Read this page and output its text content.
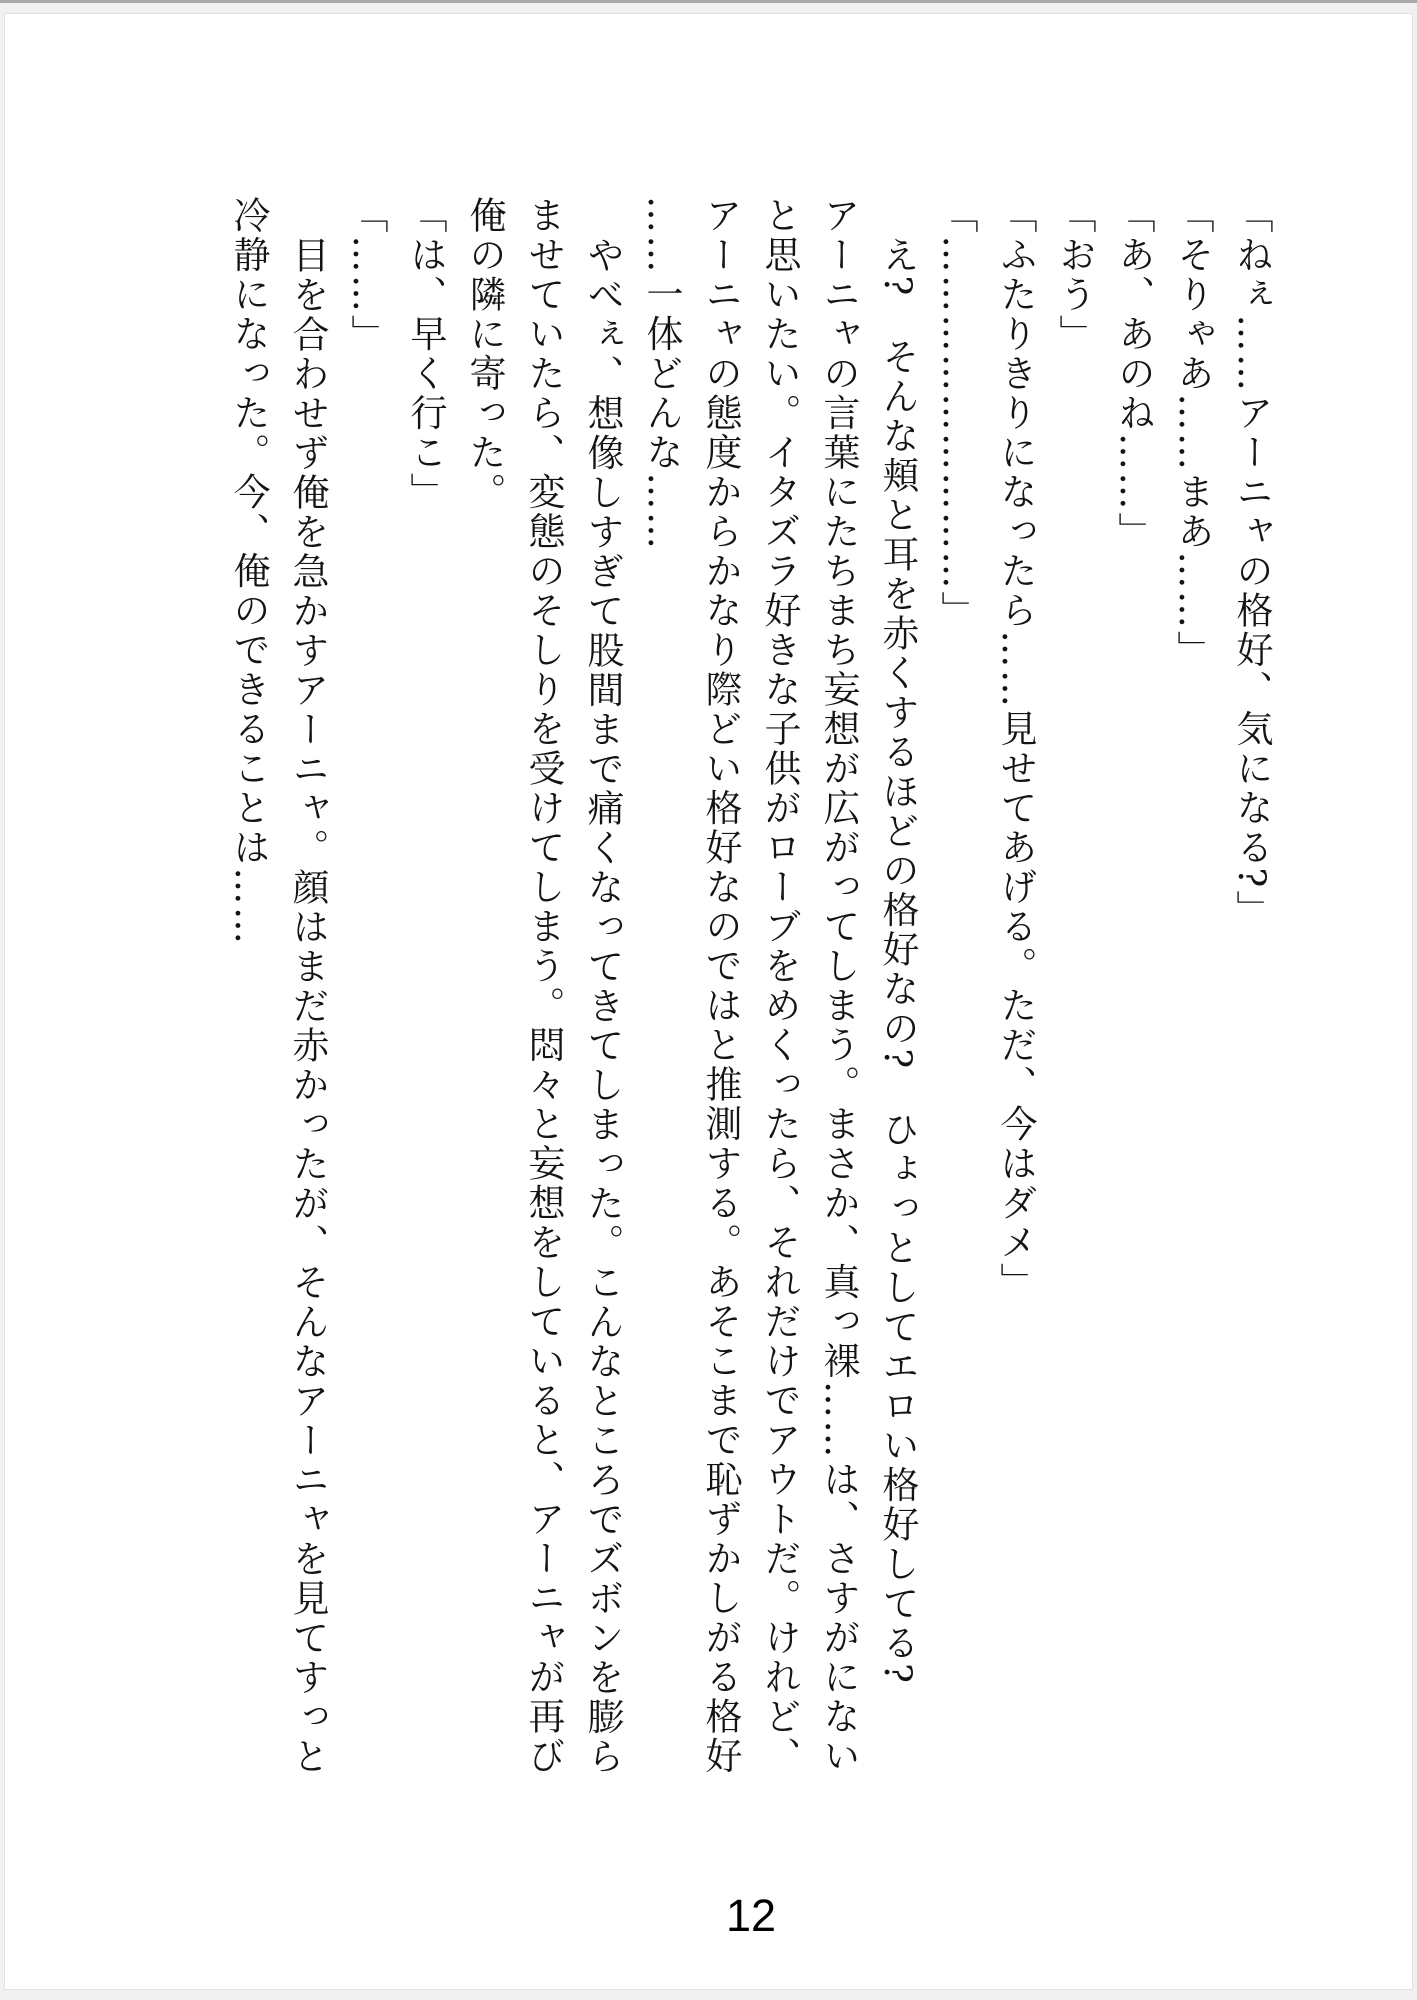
「ねぇ……アーニャの格好、気になる?」

「そりゃあ……まあ……」

「あ、あのね……」

「おう」

「ふたりきりになったら……見せてあげる。ただ、今はダメ」

「………………………」

え?　そんな頬と耳を赤くするほどの格好なの?　ひょっとしてエロい格好してる?

アーニャの言葉にたちまち妄想が広がってしまう。まさか、真っ裸……は、さすがにない

と思いたい。イタズラ好きな子供がローブをめくったら、それだけでアウトだ。けれど、

アーニャの態度からかなり際どい格好なのではと推測する。あそこまで恥ずかしがる格好

……一体どんな……

やべぇ、想像しすぎて股間まで痛くなってきてしまった。こんなところでズボンを膨ら

ませていたら、変態のそしりを受けてしまう。悶々と妄想をしていると、アーニャが再び

俺の隣に寄った。

「は、早く行こ」

「……」

目を合わせず俺を急かすアーニャ。顔はまだ赤かったが、そんなアーニャを見てすっと

冷静になった。今、俺のできることは……

12
